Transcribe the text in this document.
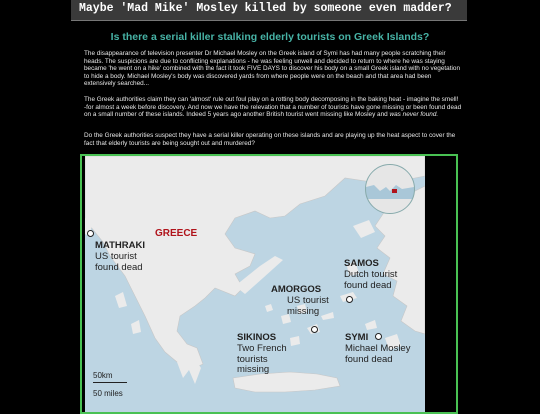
Maybe 'Mad Mike' Mosley killed by someone even madder?
Is there a serial killer stalking elderly tourists on Greek Islands?

The disappearance of television presenter Dr Michael Mosley on the Greek island of Symi has had many people scratching their heads. The suspicions are due to conflicting explanations - he was feeling unwell and decided to return to where he was staying became 'he went on a hike' combined with the fact it took FIVE DAYS to discover his body on a small Greek island with no vegetation to hide a body. Michael Mosley's body was discovered yards from where people were on the beach and that area had been extensively searched...

The Greek authorities claim they can 'almost' rule out foul play on a rotting body decomposing in the baking heat - imagine the smell! -for almost a week before discovery. And now we have the relevation that a number of tourists have gone missing or been found dead on a small number of these islands. Indeed 5 years ago another British tourist went missing like Mosley and was never found.

Do the Greek authorities suspect they have a serial killer operating on these islands and are playing up the heat aspect to cover the fact that elderly tourists are being sought out and murdered?

GREECE
MATHRAKI
US tourist
found dead	SAMOS
Dutch tourist
found dead
AMORGOS
US tourist
missing
SIKINOS
Two French
tourists
missing
SYMI
Michael Mosley
found dead
50km
50 miles
